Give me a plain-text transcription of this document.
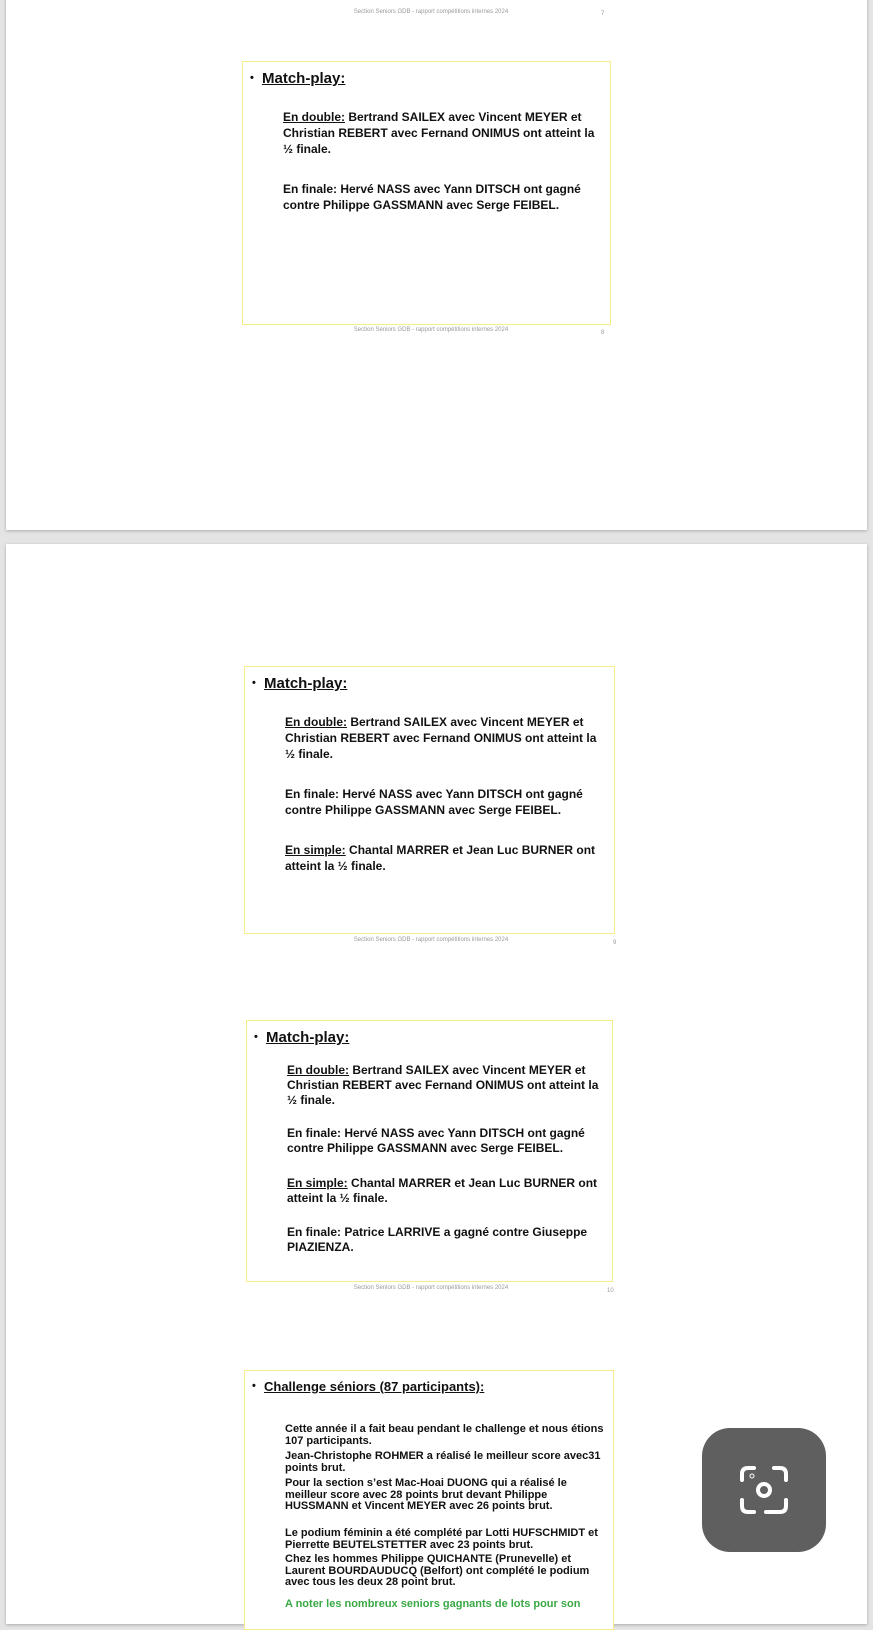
Section Seniors GDB - rapport compétitions internes 2024	7
• Match-play:
En double: Bertrand SAILEX avec Vincent MEYER et Christian REBERT avec Fernand ONIMUS ont atteint la ½ finale.
En finale: Hervé NASS avec Yann DITSCH ont gagné contre Philippe GASSMANN avec Serge FEIBEL.
Section Seniors GDB - rapport compétitions internes 2024	8
• Match-play:
En double: Bertrand SAILEX avec Vincent MEYER et Christian REBERT avec Fernand ONIMUS ont atteint la ½ finale.
En finale: Hervé NASS avec Yann DITSCH ont gagné contre Philippe GASSMANN avec Serge FEIBEL.
En simple: Chantal MARRER et Jean Luc BURNER ont atteint la ½ finale.
Section Seniors GDB - rapport compétitions internes 2024	9
• Match-play:
En double: Bertrand SAILEX avec Vincent MEYER et Christian REBERT avec Fernand ONIMUS ont atteint la ½ finale.
En finale: Hervé NASS avec Yann DITSCH ont gagné contre Philippe GASSMANN avec Serge FEIBEL.
En simple: Chantal MARRER et Jean Luc BURNER ont atteint la ½ finale.
En finale: Patrice LARRIVE a gagné contre Giuseppe PIAZIENZA.
Section Seniors GDB - rapport compétitions internes 2024	10
• Challenge séniors (87 participants):
Cette année il a fait beau pendant le challenge et nous étions 107 participants.
Jean-Christophe ROHMER a réalisé le meilleur score avec31 points brut.
Pour la section s’est Mac-Hoai DUONG qui a réalisé le meilleur score avec 28 points brut devant Philippe HUSSMANN et Vincent MEYER avec 26 points brut.
Le podium féminin a été complété par Lotti HUFSCHMIDT et Pierrette BEUTELSTETTER avec 23 points brut.
Chez les hommes Philippe QUICHANTE (Prunevelle) et Laurent BOURDAUDUCQ (Belfort) ont complété le podium avec tous les deux 28 point brut.
A noter les nombreux seniors gagnants de lots pour son
